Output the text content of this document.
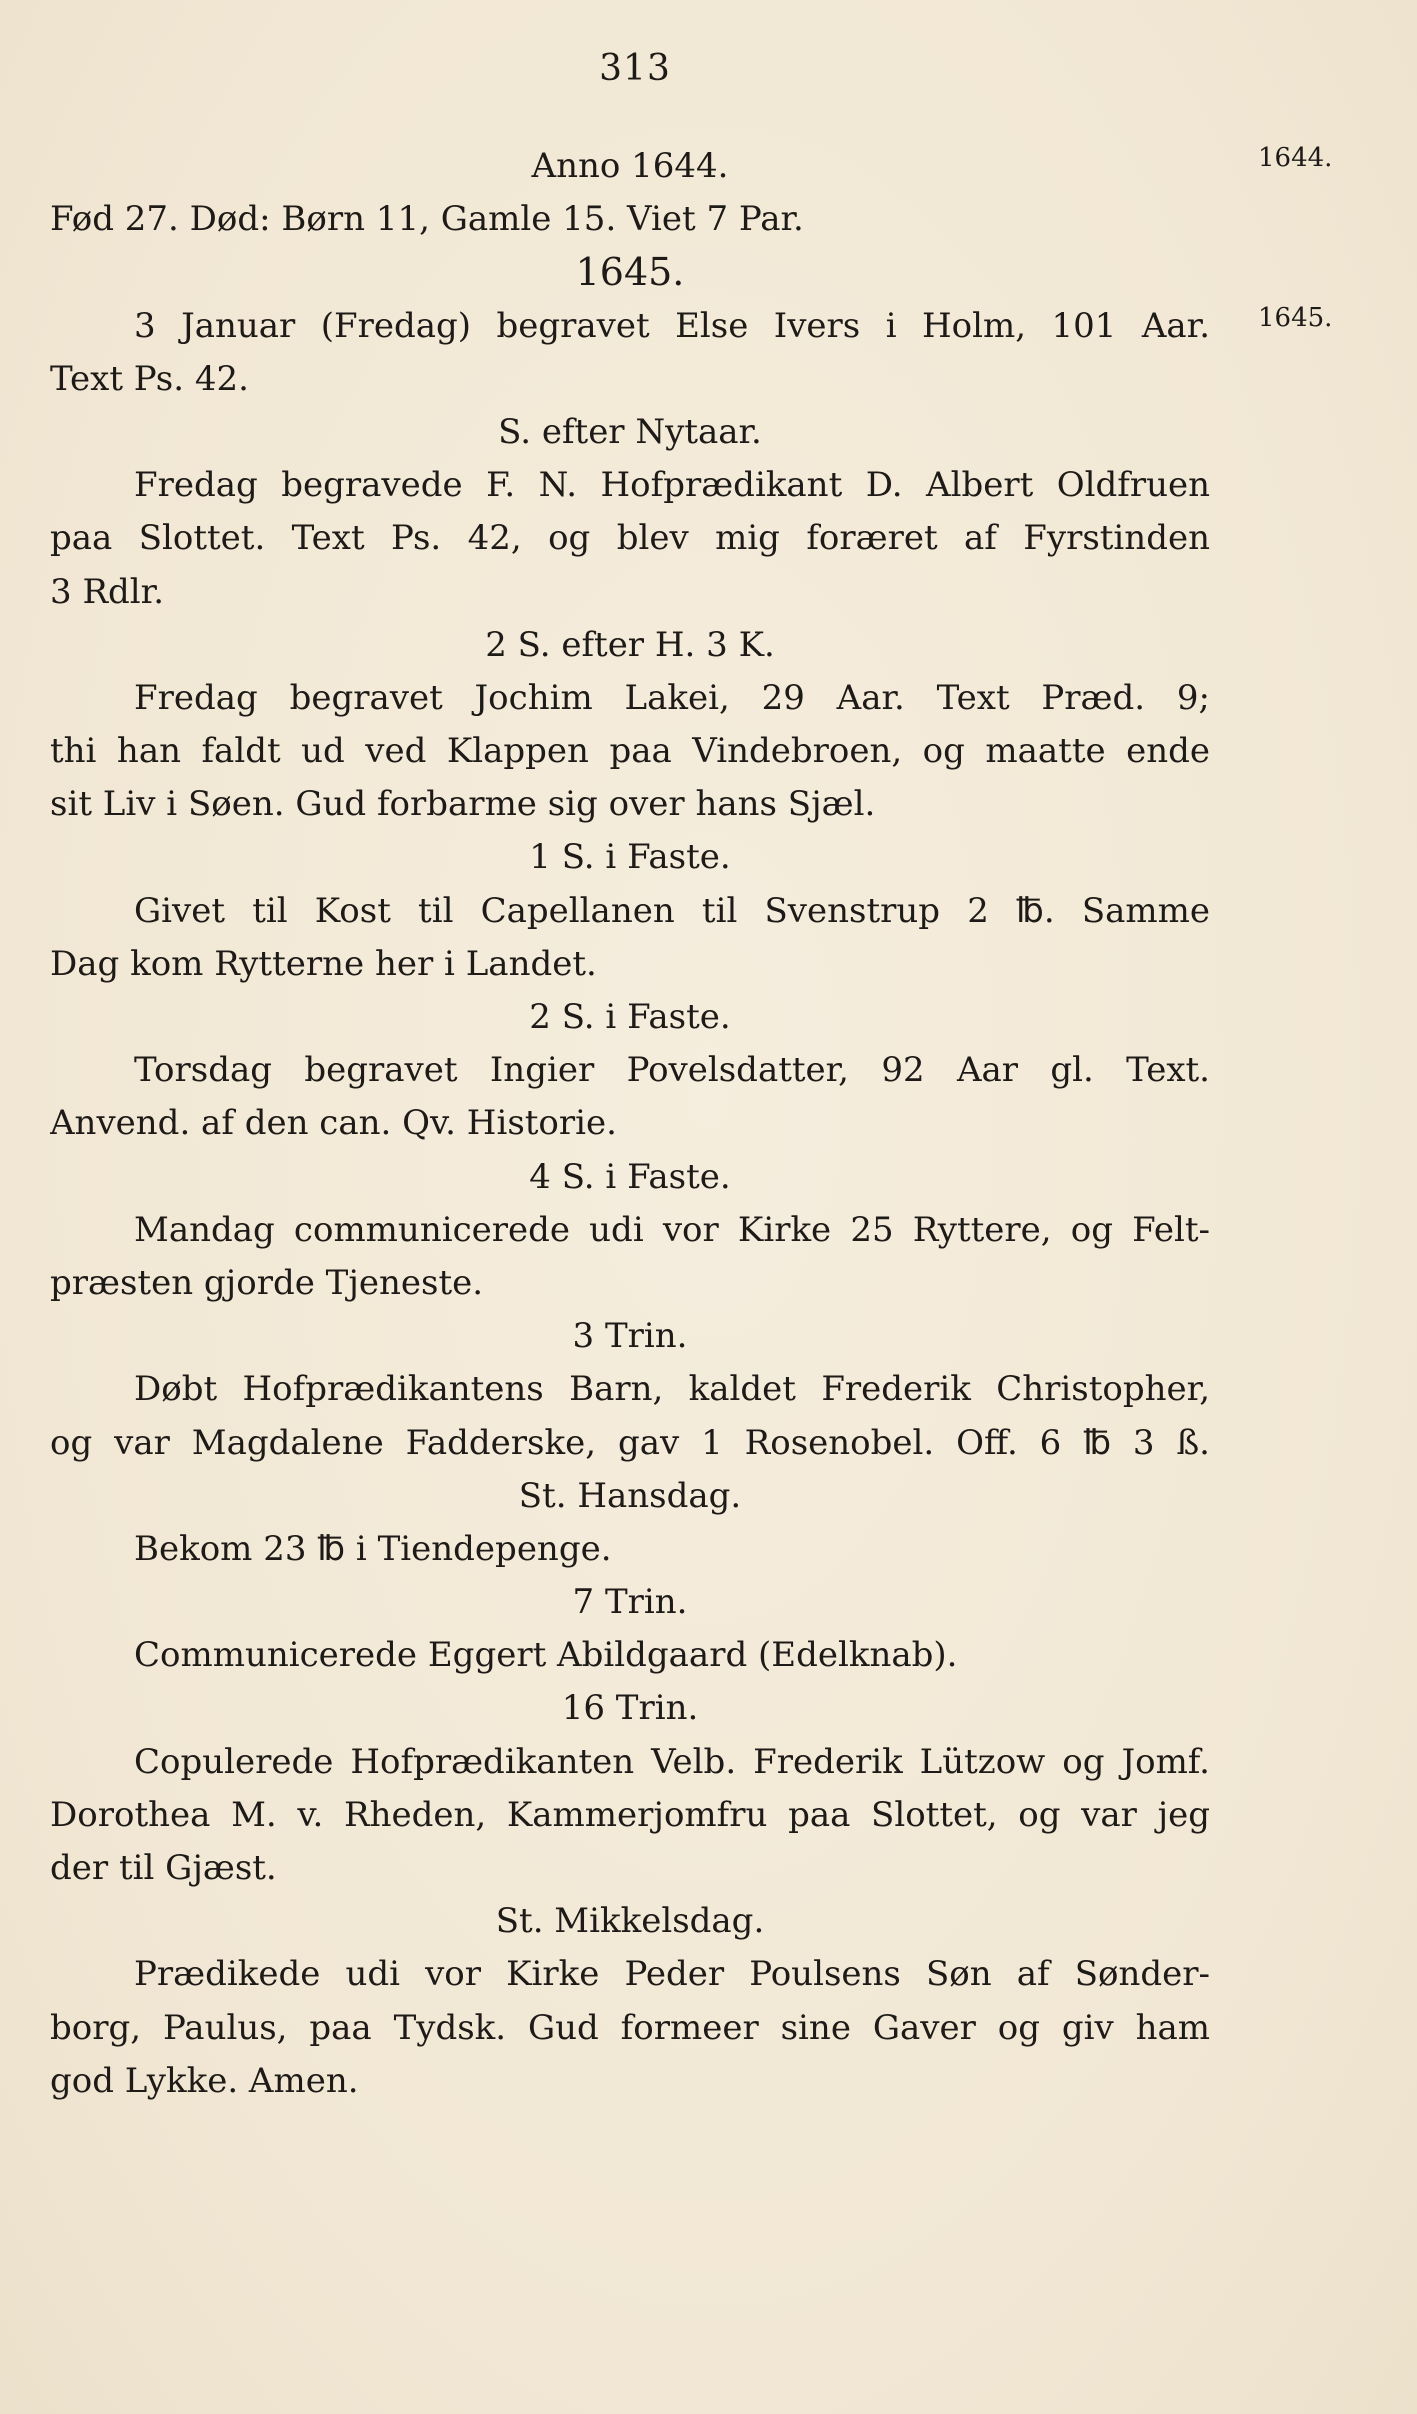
313
1644.
1645.
Anno 1644.
Fød 27. Død: Børn 11, Gamle 15. Viet 7 Par.
1645.
3 Januar (Fredag) begravet Else Ivers i Holm, 101 Aar.
Text Ps. 42.
S. efter Nytaar.
Fredag begravede F. N. Hofprædikant D. Albert Oldfruen
paa Slottet. Text Ps. 42, og blev mig foræret af Fyrstinden
3 Rdlr.
2 S. efter H. 3 K.
Fredag begravet Jochim Lakei, 29 Aar. Text Præd. 9;
thi han faldt ud ved Klappen paa Vindebroen, og maatte ende
sit Liv i Søen. Gud forbarme sig over hans Sjæl.
1 S. i Faste.
Givet til Kost til Capellanen til Svenstrup 2 ℔. Samme
Dag kom Rytterne her i Landet.
2 S. i Faste.
Torsdag begravet Ingier Povelsdatter, 92 Aar gl. Text.
Anvend. af den can. Qv. Historie.
4 S. i Faste.
Mandag communicerede udi vor Kirke 25 Ryttere, og Felt-
præsten gjorde Tjeneste.
3 Trin.
Døbt Hofprædikantens Barn, kaldet Frederik Christopher,
og var Magdalene Fadderske, gav 1 Rosenobel. Off. 6 ℔ 3 ß.
St. Hansdag.
Bekom 23 ℔ i Tiendepenge.
7 Trin.
Communicerede Eggert Abildgaard (Edelknab).
16 Trin.
Copulerede Hofprædikanten Velb. Frederik Lützow og Jomf.
Dorothea M. v. Rheden, Kammerjomfru paa Slottet, og var jeg
der til Gjæst.
St. Mikkelsdag.
Prædikede udi vor Kirke Peder Poulsens Søn af Sønder-
borg, Paulus, paa Tydsk. Gud formeer sine Gaver og giv ham
god Lykke. Amen.
